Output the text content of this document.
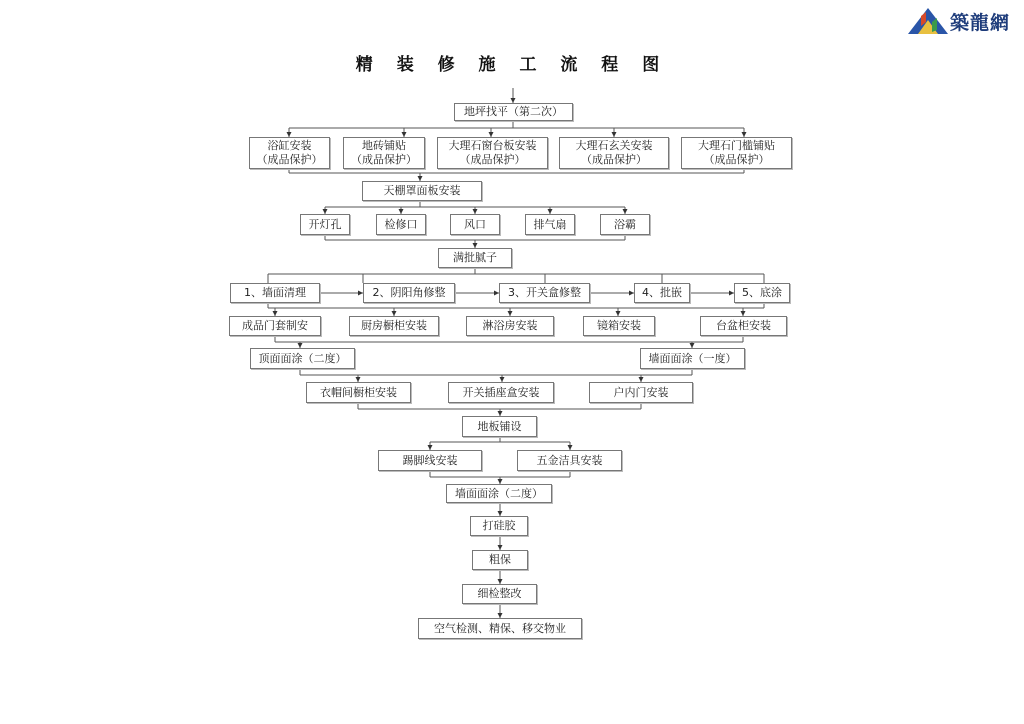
築龍網
精 装 修 施 工 流 程 图
地坪找平（第二次）
浴缸安装
（成品保护）
地砖铺贴
（成品保护）
大理石窗台板安装
（成品保护）
大理石玄关安装
（成品保护）
大理石门槛铺贴
（成品保护）
天棚罩面板安装
开灯孔	检修口	风口	排气扇	浴霸
满批腻子
1、墙面清理	2、阴阳角修整	3、开关盒修整	4、批嵌	5、底涂
成品门套制安	厨房橱柜安装	淋浴房安装	镜箱安装	台盆柜安装
顶面面涂（二度）	墙面面涂（一度）
衣帽间橱柜安装	开关插座盒安装	户内门安装
地板铺设
踢脚线安装	五金洁具安装
墙面面涂（二度）
打硅胶
粗保
细检整改
空气检测、精保、移交物业
